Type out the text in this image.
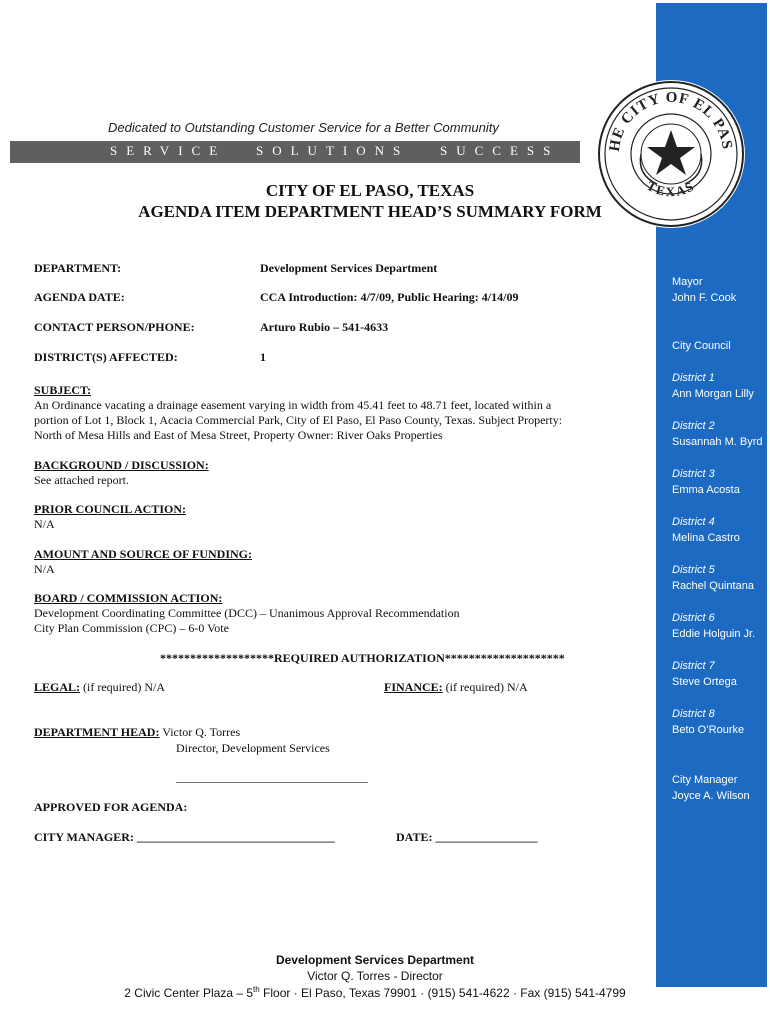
Mayor
John F. Cook
City Council
District 1
Ann Morgan Lilly
District 2
Susannah M. Byrd
District 3
Emma Acosta
District 4
Melina Castro
District 5
Rachel Quintana
District 6
Eddie Holguin Jr.
District 7
Steve Ortega
District 8
Beto O’Rourke
City Manager
Joyce A. Wilson
HE CITY OF EL PAS
TEXAS
Dedicated to Outstanding Customer Service for a Better Community
SERVICE SOLUTIONS SUCCESS
CITY OF EL PASO, TEXAS
AGENDA ITEM DEPARTMENT HEAD’S SUMMARY FORM
DEPARTMENT:	Development Services Department
AGENDA DATE:	CCA Introduction: 4/7/09, Public Hearing: 4/14/09
CONTACT PERSON/PHONE:	Arturo Rubio – 541-4633
DISTRICT(S) AFFECTED:	1
SUBJECT:
An Ordinance vacating a drainage easement varying in width from 45.41 feet to 48.71 feet, located within a
portion of Lot 1, Block 1, Acacia Commercial Park, City of El Paso, El Paso County, Texas. Subject Property:
North of Mesa Hills and East of Mesa Street, Property Owner: River Oaks Properties
BACKGROUND / DISCUSSION:
See attached report.
PRIOR COUNCIL ACTION:
N/A
AMOUNT AND SOURCE OF FUNDING:
N/A
BOARD / COMMISSION ACTION:
Development Coordinating Committee (DCC) – Unanimous Approval Recommendation
City Plan Commission (CPC) – 6-0 Vote
*******************REQUIRED AUTHORIZATION********************
LEGAL: (if required) N/A	FINANCE: (if required) N/A
DEPARTMENT HEAD: Victor Q. Torres
Director, Development Services
________________________________
APPROVED FOR AGENDA:
CITY MANAGER: _________________________________	DATE: _________________
Development Services Department
Victor Q. Torres - Director
2 Civic Center Plaza – 5th Floor · El Paso, Texas 79901 · (915) 541-4622 · Fax (915) 541-4799
